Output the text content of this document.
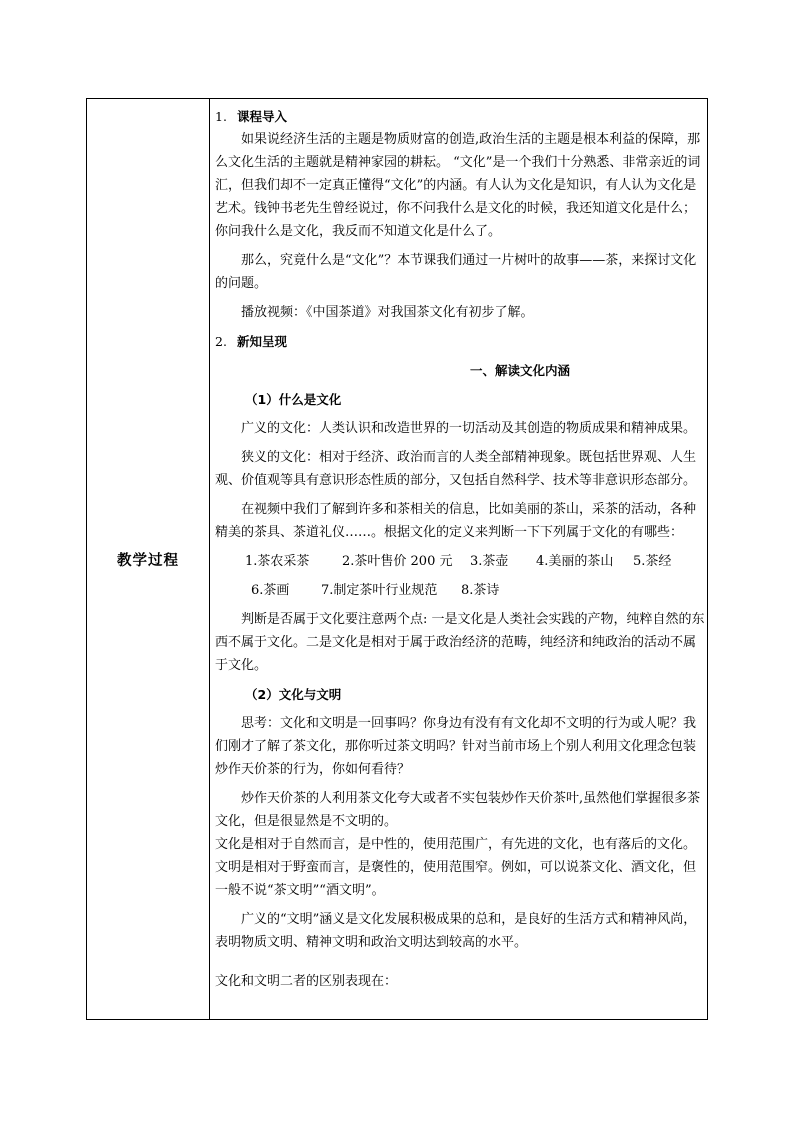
教学过程

1. 课程导入

如果说经济生活的主题是物质财富的创造,政治生活的主题是根本利益的保障，那么文化生活的主题就是精神家园的耕耘。 “文化”是一个我们十分熟悉、非常亲近的词汇，但我们却不一定真正懂得“文化”的内涵。有人认为文化是知识，有人认为文化是艺术。钱钟书老先生曾经说过，你不问我什么是文化的时候，我还知道文化是什么；你问我什么是文化，我反而不知道文化是什么了。

那么，究竟什么是“文化”？本节课我们通过一片树叶的故事——茶，来探讨文化的问题。

播放视频：《中国茶道》对我国茶文化有初步了解。

2. 新知呈现

一、解读文化内涵

（1）什么是文化

广义的文化：人类认识和改造世界的一切活动及其创造的物质成果和精神成果。

狭义的文化：相对于经济、政治而言的人类全部精神现象。既包括世界观、人生观、价值观等具有意识形态性质的部分，又包括自然科学、技术等非意识形态部分。

在视频中我们了解到许多和茶相关的信息，比如美丽的茶山，采茶的活动，各种精美的茶具、茶道礼仪……。根据文化的定义来判断一下下列属于文化的有哪些：

1.茶农采茶	2.茶叶售价 200 元	3.茶壶	4.美丽的茶山	5.茶经
6.茶画	7.制定茶叶行业规范	8.茶诗

判断是否属于文化要注意两个点: 一是文化是人类社会实践的产物，纯粹自然的东西不属于文化。二是文化是相对于属于政治经济的范畴，纯经济和纯政治的活动不属于文化。

（2）文化与文明

思考：文化和文明是一回事吗？你身边有没有有文化却不文明的行为或人呢？我们刚才了解了茶文化，那你听过茶文明吗？针对当前市场上个别人利用文化理念包装炒作天价茶的行为，你如何看待？

炒作天价茶的人利用茶文化夸大或者不实包装炒作天价茶叶,虽然他们掌握很多茶文化，但是很显然是不文明的。

文化是相对于自然而言，是中性的，使用范围广，有先进的文化，也有落后的文化。

文明是相对于野蛮而言，是褒性的，使用范围窄。例如，可以说茶文化、酒文化，但一般不说“茶文明”“酒文明”。

广义的“文明”涵义是文化发展积极成果的总和，是良好的生活方式和精神风尚，表明物质文明、精神文明和政治文明达到较高的水平。

文化和文明二者的区别表现在：
